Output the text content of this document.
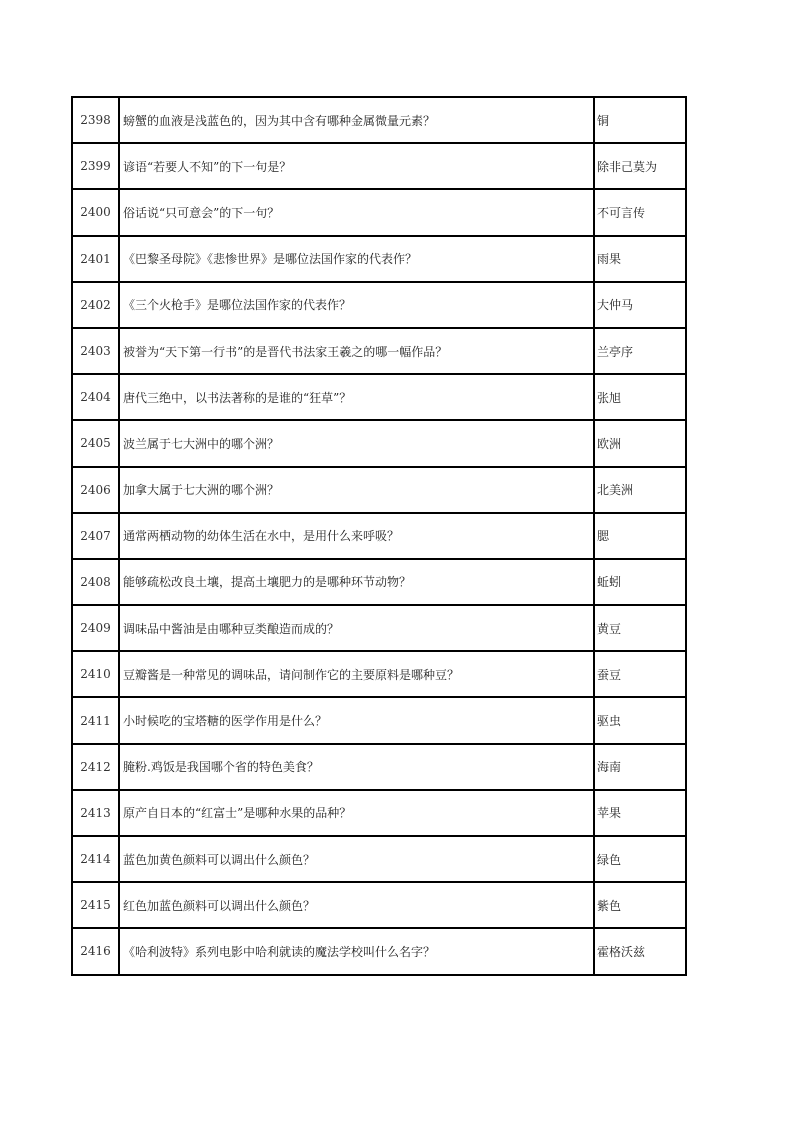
2398	螃蟹的血液是浅蓝色的，因为其中含有哪种金属微量元素？	铜
2399	谚语“若要人不知”的下一句是？	除非己莫为
2400	俗话说“只可意会”的下一句？	不可言传
2401	《巴黎圣母院》《悲惨世界》是哪位法国作家的代表作？	雨果
2402	《三个火枪手》是哪位法国作家的代表作？	大仲马
2403	被誉为“天下第一行书”的是晋代书法家王羲之的哪一幅作品？	兰亭序
2404	唐代三绝中，以书法著称的是谁的“狂草”？	张旭
2405	波兰属于七大洲中的哪个洲？	欧洲
2406	加拿大属于七大洲的哪个洲？	北美洲
2407	通常两栖动物的幼体生活在水中，是用什么来呼吸？	腮
2408	能够疏松改良土壤，提高土壤肥力的是哪种环节动物？	蚯蚓
2409	调味品中酱油是由哪种豆类酿造而成的？	黄豆
2410	豆瓣酱是一种常见的调味品，请问制作它的主要原料是哪种豆？	蚕豆
2411	小时候吃的宝塔糖的医学作用是什么？	驱虫
2412	腌粉.鸡饭是我国哪个省的特色美食？	海南
2413	原产自日本的“红富士”是哪种水果的品种？	苹果
2414	蓝色加黄色颜料可以调出什么颜色？	绿色
2415	红色加蓝色颜料可以调出什么颜色？	紫色
2416	《哈利波特》系列电影中哈利就读的魔法学校叫什么名字？	霍格沃兹
